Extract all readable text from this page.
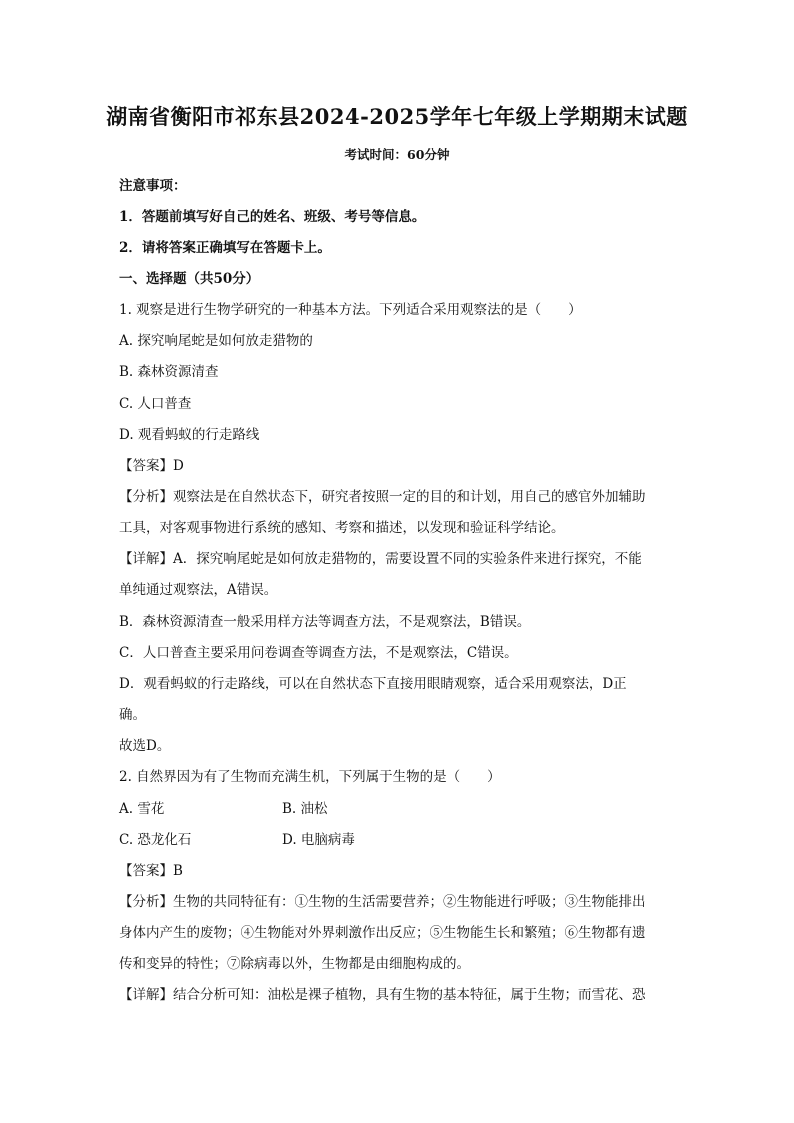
湖南省衡阳市祁东县2024-2025学年七年级上学期期末试题
考试时间：60分钟
注意事项：
1．答题前填写好自己的姓名、班级、考号等信息。
2．请将答案正确填写在答题卡上。
一、选择题（共50分）
1. 观察是进行生物学研究的一种基本方法。下列适合采用观察法的是（　　）
A. 探究响尾蛇是如何放走猎物的
B. 森林资源清查
C. 人口普查
D. 观看蚂蚁的行走路线
【答案】D
【分析】观察法是在自然状态下，研究者按照一定的目的和计划，用自己的感官外加辅助
工具，对客观事物进行系统的感知、考察和描述，以发现和验证科学结论。
【详解】A．探究响尾蛇是如何放走猎物的，需要设置不同的实验条件来进行探究，不能
单纯通过观察法，A错误。
B．森林资源清查一般采用样方法等调查方法，不是观察法，B错误。
C．人口普查主要采用问卷调查等调查方法，不是观察法，C错误。
D．观看蚂蚁的行走路线，可以在自然状态下直接用眼睛观察，适合采用观察法，D正
确。
故选D。
2. 自然界因为有了生物而充满生机，下列属于生物的是（　　）
A. 雪花	B. 油松
C. 恐龙化石	D. 电脑病毒
【答案】B
【分析】生物的共同特征有：①生物的生活需要营养；②生物能进行呼吸；③生物能排出
身体内产生的废物；④生物能对外界刺激作出反应；⑤生物能生长和繁殖；⑥生物都有遗
传和变异的特性；⑦除病毒以外，生物都是由细胞构成的。
【详解】结合分析可知：油松是裸子植物，具有生物的基本特征，属于生物；而雪花、恐
